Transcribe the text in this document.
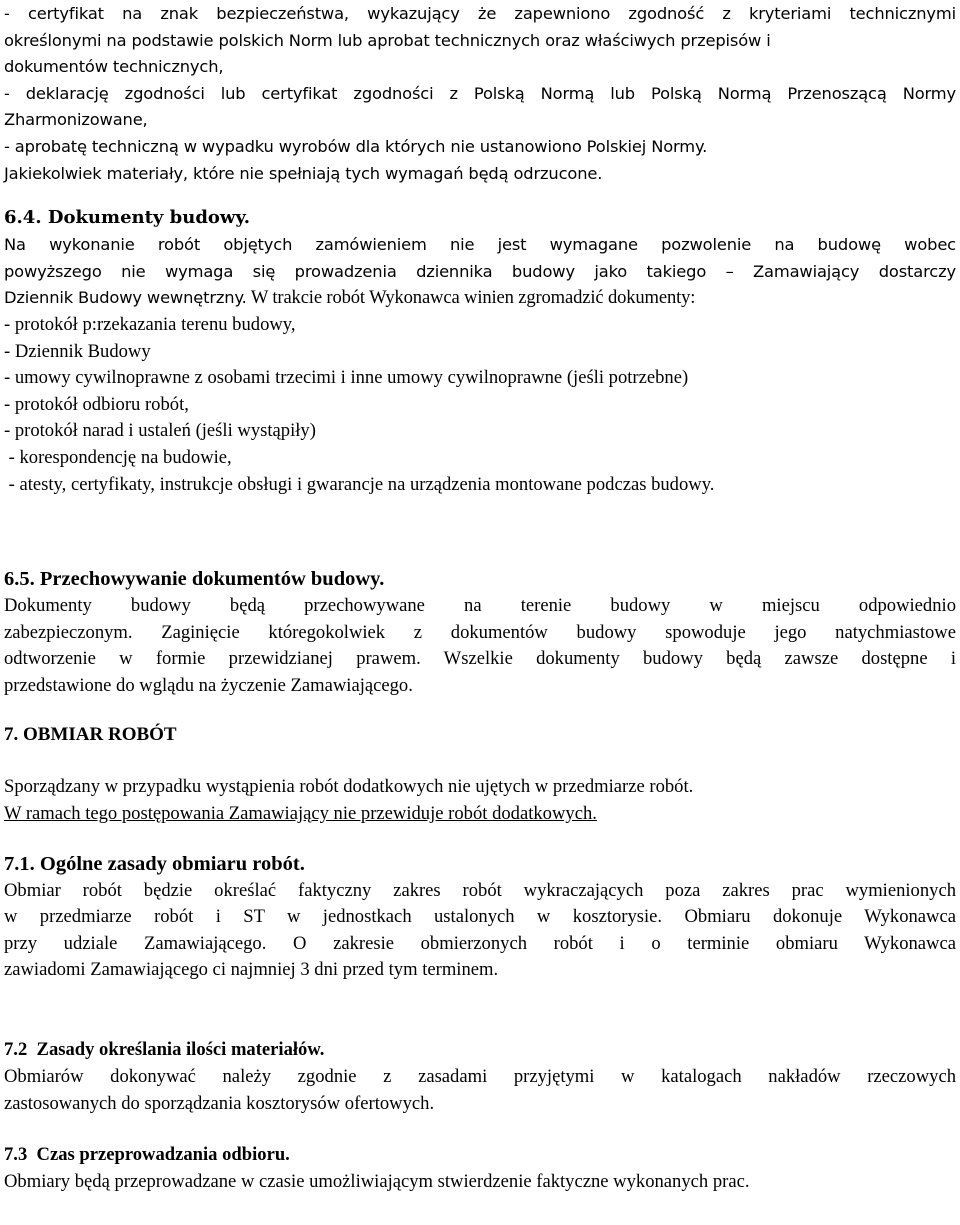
- certyfikat na znak bezpieczeństwa, wykazujący że zapewniono zgodność z kryteriami technicznymi
określonymi na podstawie polskich Norm lub aprobat technicznych oraz właściwych przepisów i
dokumentów technicznych,
- deklarację zgodności lub certyfikat zgodności z Polską Normą lub Polską Normą Przenoszącą Normy
Zharmonizowane,
- aprobatę techniczną w wypadku wyrobów dla których nie ustanowiono Polskiej Normy.
Jakiekolwiek materiały, które nie spełniają tych wymagań będą odrzucone.
6.4. Dokumenty budowy.
Na wykonanie robót objętych zamówieniem nie jest wymagane pozwolenie na budowę wobec
powyższego nie wymaga się prowadzenia dziennika budowy jako takiego – Zamawiający dostarczy
Dziennik Budowy wewnętrzny. W trakcie robót Wykonawca winien zgromadzić dokumenty:
- protokół p:rzekazania terenu budowy,
- Dziennik Budowy
- umowy cywilnoprawne z osobami trzecimi i inne umowy cywilnoprawne (jeśli potrzebne)
- protokół odbioru robót,
- protokół narad i ustaleń (jeśli wystąpiły)
- korespondencję na budowie,
- atesty, certyfikaty, instrukcje obsługi i gwarancje na urządzenia montowane podczas budowy.
6.5. Przechowywanie dokumentów budowy.
Dokumenty budowy będą przechowywane na terenie budowy w miejscu odpowiednio
zabezpieczonym. Zaginięcie któregokolwiek z dokumentów budowy spowoduje jego natychmiastowe
odtworzenie w formie przewidzianej prawem. Wszelkie dokumenty budowy będą zawsze dostępne i
przedstawione do wglądu na życzenie Zamawiającego.
7. OBMIAR ROBÓT
Sporządzany w przypadku wystąpienia robót dodatkowych nie ujętych w przedmiarze robót.
W ramach tego postępowania Zamawiający nie przewiduje robót dodatkowych.
7.1. Ogólne zasady obmiaru robót.
Obmiar robót będzie określać faktyczny zakres robót wykraczających poza zakres prac wymienionych
w przedmiarze robót i ST w jednostkach ustalonych w kosztorysie. Obmiaru dokonuje Wykonawca
przy udziale Zamawiającego. O zakresie obmierzonych robót i o terminie obmiaru Wykonawca
zawiadomi Zamawiającego ci najmniej 3 dni przed tym terminem.
7.2  Zasady określania ilości materiałów.
Obmiarów dokonywać należy zgodnie z zasadami przyjętymi w katalogach nakładów rzeczowych
zastosowanych do sporządzania kosztorysów ofertowych.
7.3  Czas przeprowadzania odbioru.
Obmiary będą przeprowadzane w czasie umożliwiającym stwierdzenie faktyczne wykonanych prac.
